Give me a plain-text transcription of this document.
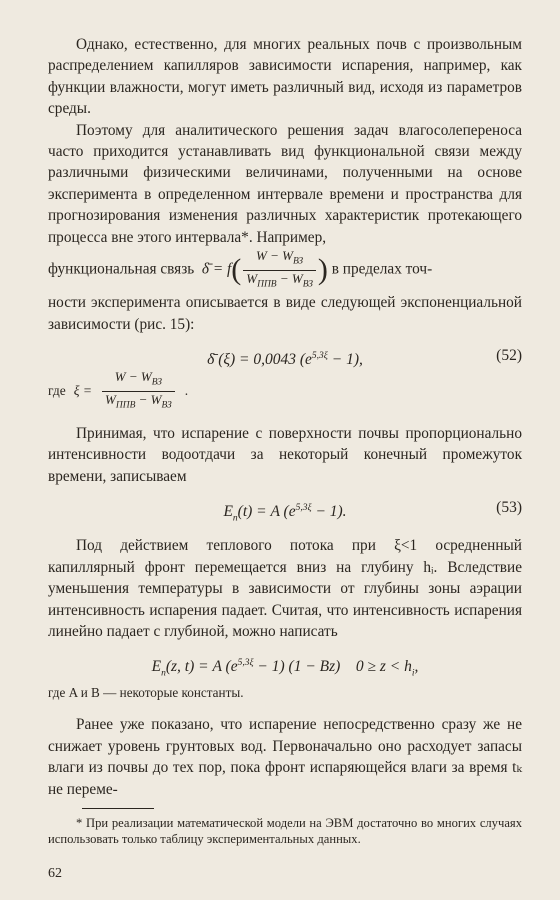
Однако, естественно, для многих реальных почв с произвольным распределением капилляров зависимости испарения, например, как функции влажности, могут иметь различный вид, исходя из параметров среды.

Поэтому для аналитического решения задач влагосолепереноса часто приходится устанавливать вид функциональной связи между различными физическими величинами, полученными на основе эксперимента в определенном интервале времени и пространства для прогнозирования изменения различных характеристик протекающего процесса вне этого интервала*. Например,

функциональная связь  δ̄ = $f( \frac{W - W_{ВЗ}}{W_{ППВ} - W_{ВЗ}}$ ) в пределах точ-

ности эксперимента описывается в виде следующей экспоненциальной зависимости (рис. 15):

δ̄ (ξ) = 0,0043 $(e^{5,3\xi} - 1)$,	(52)
где $\xi = \frac{W - W_{ВЗ}}{W_{ППВ} - W_{ВЗ}}$ .

Принимая, что испарение с поверхности почвы пропорционально интенсивности водоотдачи за некоторый конечный промежуток времени, записываем

$E_п(t) = A$ $(e^{5,3\xi} - 1)$.	(53)

Под действием теплового потока при ξ<1 осредненный капиллярный фронт перемещается вниз на глубину hᵢ. Вследствие уменьшения температуры в зависимости от глубины зоны аэрации интенсивность испарения падает. Считая, что интенсивность испарения линейно падает с глубиной, можно написать

$E_п(z$, t) = A $(e^{5,3\xi} - 1) (1 - Bz)$    $0 \ge z < h_i$,

где A и B — некоторые константы.

Ранее уже показано, что испарение непосредственно сразу же не снижает уровень грунтовых вод. Первоначально оно расходует запасы влаги из почвы до тех пор, пока фронт испаряющейся влаги за время tₖ не переме-

* При реализации математической модели на ЭВМ достаточно во многих случаях использовать только таблицу экспериментальных данных.

62
